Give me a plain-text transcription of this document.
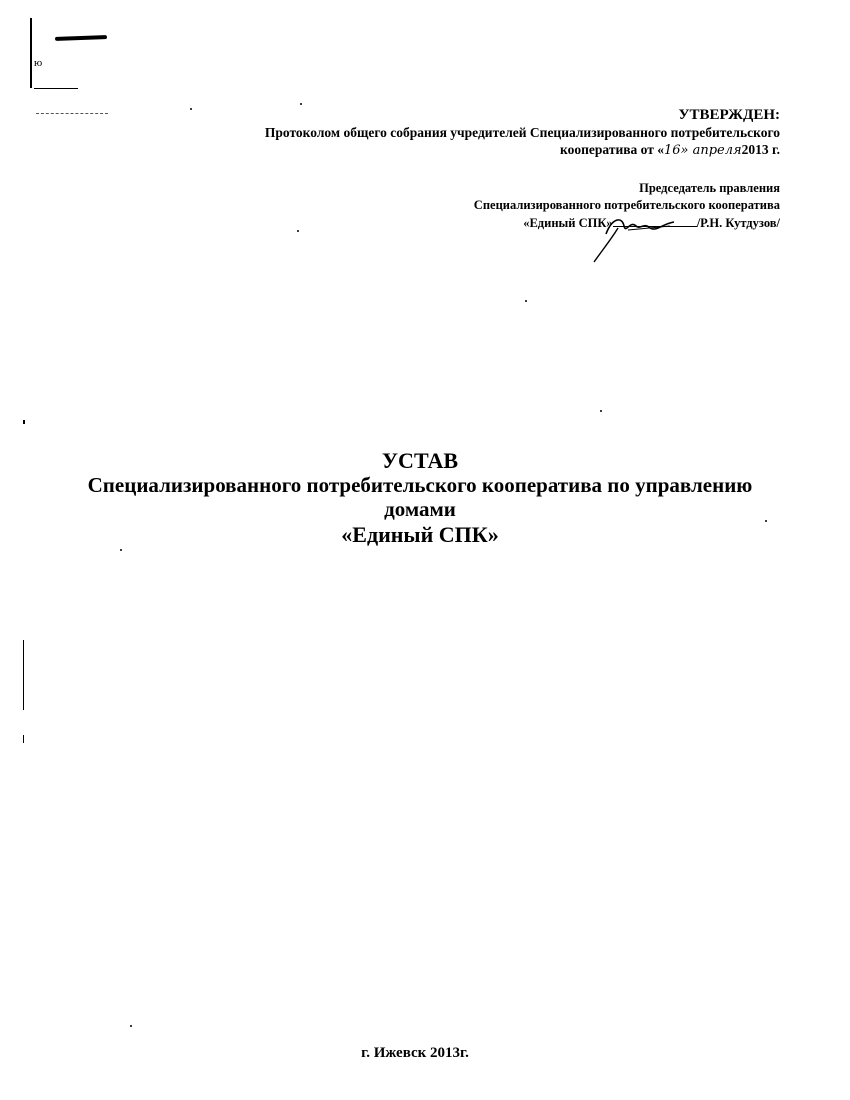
ю
УТВЕРЖДЕН:
Протоколом общего собрания учредителей Специализированного потребительского
кооператива от «16» апреля2013 г.
Председатель правления
Специализированного потребительского кооператива
«Единый СПК»	/Р.Н. Кутдузов/
УСТАВ
Специализированного потребительского кооператива по управлению
домами
«Единый СПК»
г. Ижевск 2013г.
